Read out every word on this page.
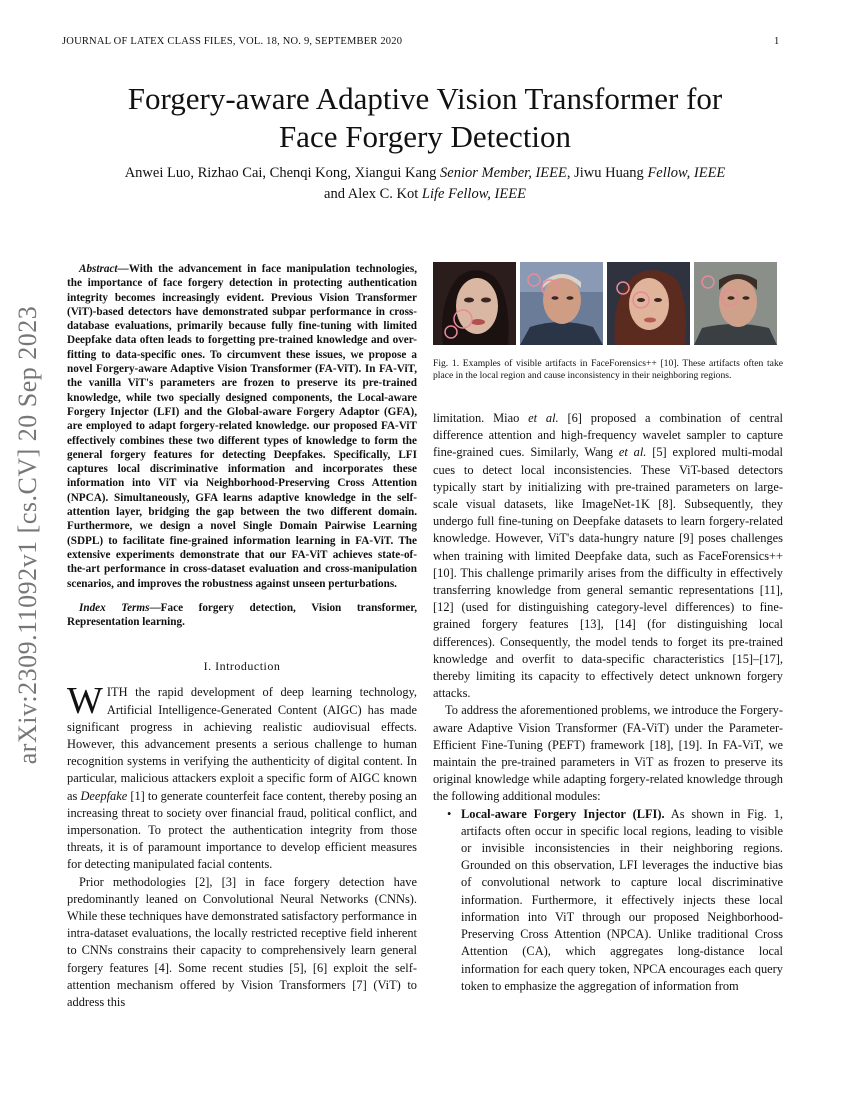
JOURNAL OF LATEX CLASS FILES, VOL. 18, NO. 9, SEPTEMBER 2020	1
Forgery-aware Adaptive Vision Transformer for
Face Forgery Detection
Anwei Luo, Rizhao Cai, Chenqi Kong, Xiangui Kang Senior Member, IEEE, Jiwu Huang Fellow, IEEE
and Alex C. Kot Life Fellow, IEEE
arXiv:2309.11092v1 [cs.CV] 20 Sep 2023

Abstract—With the advancement in face manipulation technologies, the importance of face forgery detection in protecting authentication integrity becomes increasingly evident. Previous Vision Transformer (ViT)-based detectors have demonstrated subpar performance in cross-database evaluations, primarily because fully fine-tuning with limited Deepfake data often leads to forgetting pre-trained knowledge and over-fitting to data-specific ones. To circumvent these issues, we propose a novel Forgery-aware Adaptive Vision Transformer (FA-ViT). In FA-ViT, the vanilla ViT's parameters are frozen to preserve its pre-trained knowledge, while two specially designed components, the Local-aware Forgery Injector (LFI) and the Global-aware Forgery Adaptor (GFA), are employed to adapt forgery-related knowledge. our proposed FA-ViT effectively combines these two different types of knowledge to form the general forgery features for detecting Deepfakes. Specifically, LFI captures local discriminative information and incorporates these information into ViT via Neighborhood-Preserving Cross Attention (NPCA). Simultaneously, GFA learns adaptive knowledge in the self-attention layer, bridging the gap between the two different domain. Furthermore, we design a novel Single Domain Pairwise Learning (SDPL) to facilitate fine-grained information learning in FA-ViT. The extensive experiments demonstrate that our FA-ViT achieves state-of-the-art performance in cross-dataset evaluation and cross-manipulation scenarios, and improves the robustness against unseen perturbations.

Index Terms—Face forgery detection, Vision transformer, Representation learning.

I. Introduction

WITH the rapid development of deep learning technology, Artificial Intelligence-Generated Content (AIGC) has made significant progress in achieving realistic audiovisual effects. However, this advancement presents a serious challenge to human recognition systems in verifying the authenticity of digital content. In particular, malicious attackers exploit a specific form of AIGC known as Deepfake [1] to generate counterfeit face content, thereby posing an increasing threat to society over financial fraud, political conflict, and impersonation. To protect the authentication integrity from those threats, it is of paramount importance to develop efficient measures for detecting manipulated facial contents.

Prior methodologies [2], [3] in face forgery detection have predominantly leaned on Convolutional Neural Networks (CNNs). While these techniques have demonstrated satisfactory performance in intra-dataset evaluations, the locally restricted receptive field inherent to CNNs constrains their capacity to comprehensively learn general forgery features [4]. Some recent studies [5], [6] exploit the self-attention mechanism offered by Vision Transformers [7] (ViT) to address this

Fig. 1. Examples of visible artifacts in FaceForensics++ [10]. These artifacts often take place in the local region and cause inconsistency in their neighboring regions.

limitation. Miao et al. [6] proposed a combination of central difference attention and high-frequency wavelet sampler to capture fine-grained cues. Similarly, Wang et al. [5] explored multi-modal cues to detect local inconsistencies. These ViT-based detectors typically start by initializing with pre-trained parameters on large-scale visual datasets, like ImageNet-1K [8]. Subsequently, they undergo full fine-tuning on Deepfake datasets to learn forgery-related knowledge. However, ViT's data-hungry nature [9] poses challenges when training with limited Deepfake data, such as FaceForensics++ [10]. This challenge primarily arises from the difficulty in effectively transferring knowledge from general semantic representations [11], [12] (used for distinguishing category-level differences) to fine-grained forgery features [13], [14] (for distinguishing local differences). Consequently, the model tends to forget its pre-trained knowledge and overfit to data-specific characteristics [15]–[17], thereby limiting its capacity to effectively detect unknown forgery attacks.

To address the aforementioned problems, we introduce the Forgery-aware Adaptive Vision Transformer (FA-ViT) under the Parameter-Efficient Fine-Tuning (PEFT) framework [18], [19]. In FA-ViT, we maintain the pre-trained parameters in ViT as frozen to preserve its original knowledge while adapting forgery-related knowledge through the following additional modules:

• Local-aware Forgery Injector (LFI). As shown in Fig. 1, artifacts often occur in specific local regions, leading to visible or invisible inconsistencies in their neighboring regions. Grounded on this observation, LFI leverages the inductive bias of convolutional network to capture local discriminative information. Furthermore, it effectively injects these local information into ViT through our proposed Neighborhood-Preserving Cross Attention (NPCA). Unlike traditional Cross Attention (CA), which aggregates long-distance local information for each query token, NPCA encourages each query token to emphasize the aggregation of information from
